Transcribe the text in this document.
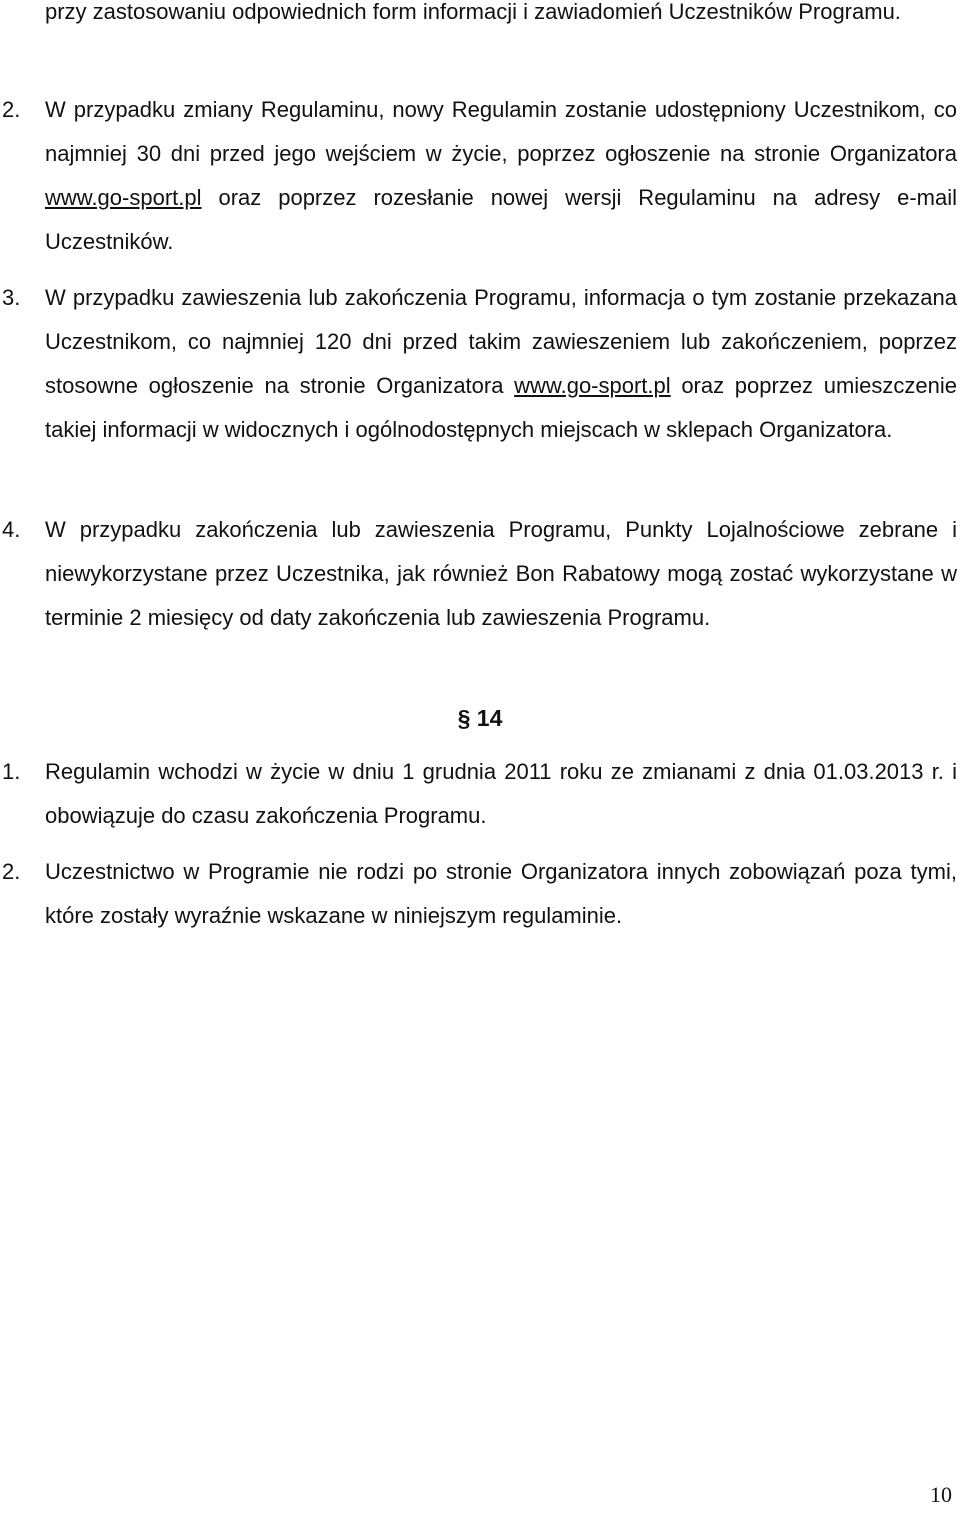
przy zastosowaniu odpowiednich form informacji i zawiadomień Uczestników Programu.

2. W przypadku zmiany Regulaminu, nowy Regulamin zostanie udostępniony Uczestnikom, co najmniej 30 dni przed jego wejściem w życie, poprzez ogłoszenie na stronie Organizatora www.go-sport.pl oraz poprzez rozesłanie nowej wersji Regulaminu na adresy e-mail Uczestników.

3. W przypadku zawieszenia lub zakończenia Programu, informacja o tym zostanie przekazana Uczestnikom, co najmniej 120 dni przed takim zawieszeniem lub zakończeniem, poprzez stosowne ogłoszenie na stronie Organizatora www.go-sport.pl oraz poprzez umieszczenie takiej informacji w widocznych i ogólnodostępnych miejscach w sklepach Organizatora.

4. W przypadku zakończenia lub zawieszenia Programu, Punkty Lojalnościowe zebrane i niewykorzystane przez Uczestnika, jak również Bon Rabatowy mogą zostać wykorzystane w terminie 2 miesięcy od daty zakończenia lub zawieszenia Programu.

§ 14
1. Regulamin wchodzi w życie w dniu 1 grudnia 2011 roku ze zmianami z dnia 01.03.2013 r. i obowiązuje do czasu zakończenia Programu.

2. Uczestnictwo w Programie nie rodzi po stronie Organizatora innych zobowiązań poza tymi, które zostały wyraźnie wskazane w niniejszym regulaminie.

10
